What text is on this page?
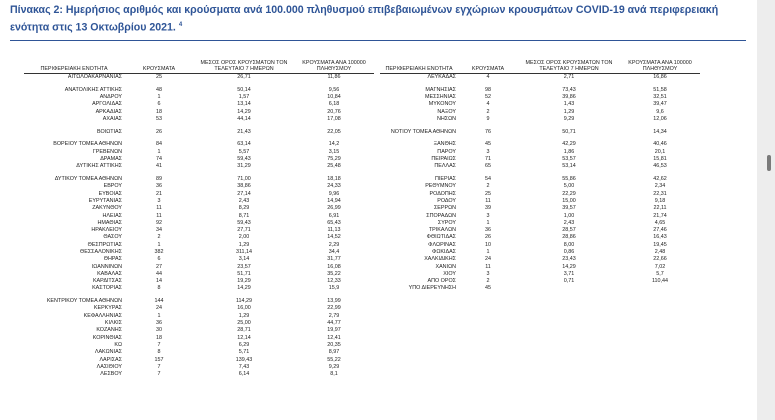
Πίνακας 2: Ημερήσιος αριθμός και κρούσματα ανά 100.000 πληθυσμού επιβεβαιωμένων εγχώριων κρουσμάτων COVID-19 ανά περιφερειακή ενότητα στις 13 Οκτωβρίου 2021. $^4$
ΠΕΡΙΦΕΡΕΙΑΚΗ ΕΝΟΤΗΤΑ	ΚΡΟΥΣΜΑΤΑ	ΜΕΣΟΣ ΟΡΟΣ ΚΡΟΥΣΜΑΤΩΝ ΤΟΝ ΤΕΛΕΥΤΑΙΟ 7 ΗΜΕΡΩΝ	ΚΡΟΥΣΜΑΤΑ ΑΝΑ 100000 ΠΛΗΘΥΣΜΟΥ
ΑΙΤΩΛΟΑΚΑΡΝΑΝΙΑΣ	25	26,71	11,86

ΑΝΑΤΟΛΙΚΗΣ ΑΤΤΙΚΗΣ	48	50,14	9,56
ΑΝΔΡΟΥ	1	1,57	10,84
ΑΡΓΟΛΙΔΑΣ	6	13,14	6,18
ΑΡΚΑΔΙΑΣ	18	14,29	20,76
ΑΧΑΪΑΣ	53	44,14	17,08

ΒΟΙΩΤΙΑΣ	26	21,43	22,05

ΒΟΡΕΙΟΥ ΤΟΜΕΑ ΑΘΗΝΩΝ	84	63,14	14,2
ΓΡΕΒΕΝΩΝ	1	5,57	3,15
ΔΡΑΜΑΣ	74	59,43	75,29
ΔΥΤΙΚΗΣ ΑΤΤΙΚΗΣ	41	31,29	25,48

ΔΥΤΙΚΟΥ ΤΟΜΕΑ ΑΘΗΝΩΝ	89	71,00	18,18
ΕΒΡΟΥ	36	38,86	24,33
ΕΥΒΟΙΑΣ	21	27,14	9,96
ΕΥΡΥΤΑΝΙΑΣ	3	2,43	14,94
ΖΑΚΥΝΘΟΥ	11	8,29	26,99
ΗΛΕΙΑΣ	11	8,71	6,91
ΗΜΑΘΙΑΣ	92	59,43	65,43
ΗΡΑΚΛΕΙΟΥ	34	27,71	11,13
ΘΑΣΟΥ	2	2,00	14,52
ΘΕΣΠΡΩΤΙΑΣ	1	1,29	2,29
ΘΕΣΣΑΛΟΝΙΚΗΣ	382	311,14	34,4
ΘΗΡΑΣ	6	3,14	31,77
ΙΩΑΝΝΙΝΩΝ	27	23,57	16,08
ΚΑΒΑΛΑΣ	44	51,71	35,22
ΚΑΡΔΙΤΣΑΣ	14	19,29	12,33
ΚΑΣΤΟΡΙΑΣ	8	14,29	15,9

ΚΕΝΤΡΙΚΟΥ ΤΟΜΕΑ ΑΘΗΝΩΝ	144	114,29	13,99
ΚΕΡΚΥΡΑΣ	24	16,00	22,99
ΚΕΦΑΛΛΗΝΙΑΣ	1	1,29	2,79
ΚΙΛΚΙΣ	36	25,00	44,77
ΚΟΖΑΝΗΣ	30	28,71	19,97
ΚΟΡΙΝΘΙΑΣ	18	12,14	12,41
ΚΩ	7	6,29	20,35
ΛΑΚΩΝΙΑΣ	8	5,71	8,97
ΛΑΡΙΣΑΣ	157	139,43	55,22
ΛΑΣΙΘΙΟΥ	7	7,43	9,29
ΛΕΣΒΟΥ	7	6,14	8,1
ΠΕΡΙΦΕΡΕΙΑΚΗ ΕΝΟΤΗΤΑ	ΚΡΟΥΣΜΑΤΑ	ΜΕΣΟΣ ΟΡΟΣ ΚΡΟΥΣΜΑΤΩΝ ΤΟΝ ΤΕΛΕΥΤΑΙΟ 7 ΗΜΕΡΩΝ	ΚΡΟΥΣΜΑΤΑ ΑΝΑ 100000 ΠΛΗΘΥΣΜΟΥ
ΛΕΥΚΑΔΑΣ	4	2,71	16,86

ΜΑΓΝΗΣΙΑΣ	98	73,43	51,58
ΜΕΣΣΗΝΙΑΣ	52	39,86	32,51
ΜΥΚΟΝΟΥ	4	1,43	39,47
ΝΑΞΟΥ	2	1,29	9,6
ΝΗΣΩΝ	9	9,29	12,06

ΝΟΤΙΟΥ ΤΟΜΕΑ ΑΘΗΝΩΝ	76	50,71	14,34

ΞΑΝΘΗΣ	45	42,29	40,46
ΠΑΡΟΥ	3	1,86	20,1
ΠΕΙΡΑΙΩΣ	71	53,57	15,81
ΠΕΛΛΑΣ	65	53,14	46,53

ΠΙΕΡΙΑΣ	54	55,86	42,62
ΡΕΘΥΜΝΟΥ	2	5,00	2,34
ΡΟΔΟΠΗΣ	25	22,29	22,31
ΡΟΔΟΥ	11	15,00	9,18
ΣΕΡΡΩΝ	39	39,57	22,11
ΣΠΟΡΑΔΩΝ	3	1,00	21,74
ΣΥΡΟΥ	1	2,43	4,65
ΤΡΙΚΑΛΩΝ	36	28,57	27,46
ΦΘΙΩΤΙΔΑΣ	26	28,86	16,43
ΦΛΩΡΙΝΑΣ	10	8,00	19,45
ΦΩΚΙΔΑΣ	1	0,86	2,48
ΧΑΛΚΙΔΙΚΗΣ	24	23,43	22,66
ΧΑΝΙΩΝ	11	14,29	7,02
ΧΙΟΥ	3	3,71	5,7
ΑΠΟ ΟΡΟΣ	2	0,71	110,44
ΥΠΟ ΔΙΕΡΕΥΝΗΣΗ	45		
